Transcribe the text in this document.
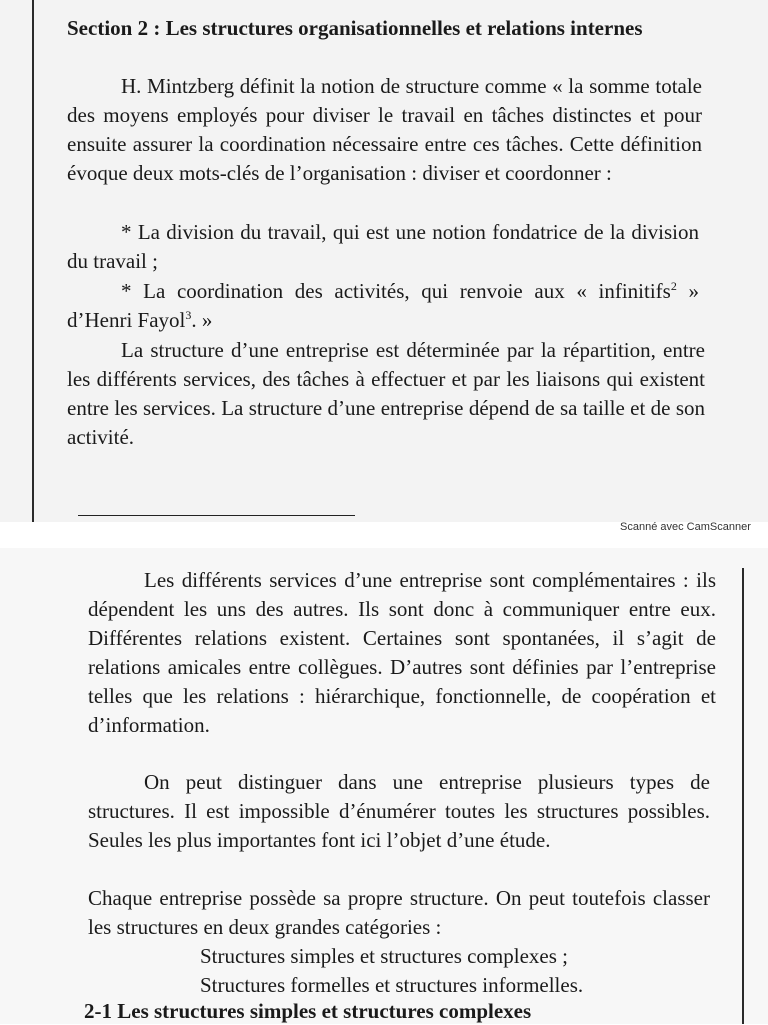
Section 2 : Les structures organisationnelles et relations internes

H. Mintzberg définit la notion de structure comme « la somme totale des moyens employés pour diviser le travail en tâches distinctes et pour ensuite assurer la coordination nécessaire entre ces tâches. Cette définition évoque deux mots-clés de l’organisation : diviser et coordonner :

* La division du travail, qui est une notion fondatrice de la division du travail ;

* La coordination des activités, qui renvoie aux « infinitifs$^2$ » d’Henri Fayol$^3$. »

La structure d’une entreprise est déterminée par la répartition, entre les différents services, des tâches à effectuer et par les liaisons qui existent entre les services. La structure d’une entreprise dépend de sa taille et de son activité.

Scanné avec CamScanner

Les différents services d’une entreprise sont complémentaires : ils dépendent les uns des autres. Ils sont donc à communiquer entre eux. Différentes relations existent. Certaines sont spontanées, il s’agit de relations amicales entre collègues. D’autres sont définies par l’entreprise telles que les relations : hiérarchique, fonctionnelle, de coopération et d’information.

On peut distinguer dans une entreprise plusieurs types de structures. Il est impossible d’énumérer toutes les structures possibles. Seules les plus importantes font ici l’objet d’une étude.

Chaque entreprise possède sa propre structure. On peut toutefois classer les structures en deux grandes catégories :

Structures simples et structures complexes ;
Structures formelles et structures informelles.
2-1 Les structures simples et structures complexes
